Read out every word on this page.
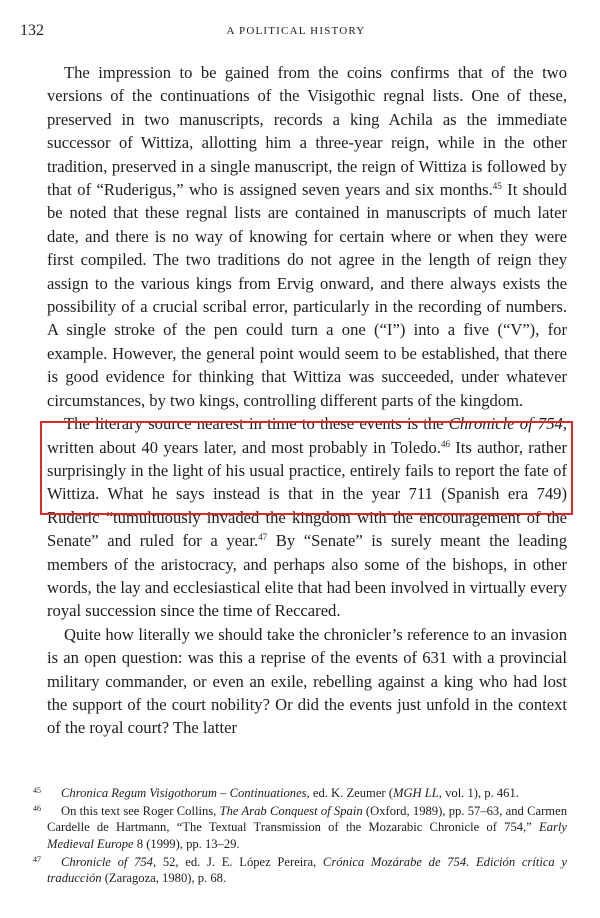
132	A POLITICAL HISTORY

The impression to be gained from the coins confirms that of the two versions of the continuations of the Visigothic regnal lists. One of these, preserved in two manuscripts, records a king Achila as the immediate successor of Wittiza, allotting him a three-year reign, while in the other tradition, preserved in a single manuscript, the reign of Wittiza is followed by that of “Ruderigus,” who is assigned seven years and six months.$^{45}$ It should be noted that these regnal lists are contained in manuscripts of much later date, and there is no way of knowing for certain where or when they were first compiled. The two traditions do not agree in the length of reign they assign to the various kings from Ervig onward, and there always exists the possibility of a crucial scribal error, particularly in the recording of numbers. A single stroke of the pen could turn a one (“I”) into a five (“V”), for example. However, the general point would seem to be established, that there is good evidence for thinking that Wittiza was succeeded, under whatever circumstances, by two kings, controlling different parts of the kingdom.

The literary source nearest in time to these events is the Chronicle of 754, written about 40 years later, and most probably in Toledo.$^{46}$ Its author, rather surprisingly in the light of his usual practice, entirely fails to report the fate of Wittiza. What he says instead is that in the year 711 (Spanish era 749) Ruderic “tumultuously invaded the kingdom with the encouragement of the Senate” and ruled for a year.$^{47}$ By “Senate” is surely meant the leading members of the aristocracy, and perhaps also some of the bishops, in other words, the lay and ecclesiastical elite that had been involved in virtually every royal succession since the time of Reccared.

Quite how literally we should take the chronicler’s reference to an invasion is an open question: was this a reprise of the events of 631 with a provincial military commander, or even an exile, rebelling against a king who had lost the support of the court nobility? Or did the events just unfold in the context of the royal court? The latter

45 Chronica Regum Visigothorum – Continuationes, ed. K. Zeumer (MGH LL, vol. 1), p. 461.

46 On this text see Roger Collins, The Arab Conquest of Spain (Oxford, 1989), pp. 57–63, and Carmen Cardelle de Hartmann, “The Textual Transmission of the Mozarabic Chronicle of 754,” Early Medieval Europe 8 (1999), pp. 13–29.

47 Chronicle of 754, 52, ed. J. E. López Pereira, Crónica Mozárabe de 754. Edición crítica y traducción (Zaragoza, 1980), p. 68.
